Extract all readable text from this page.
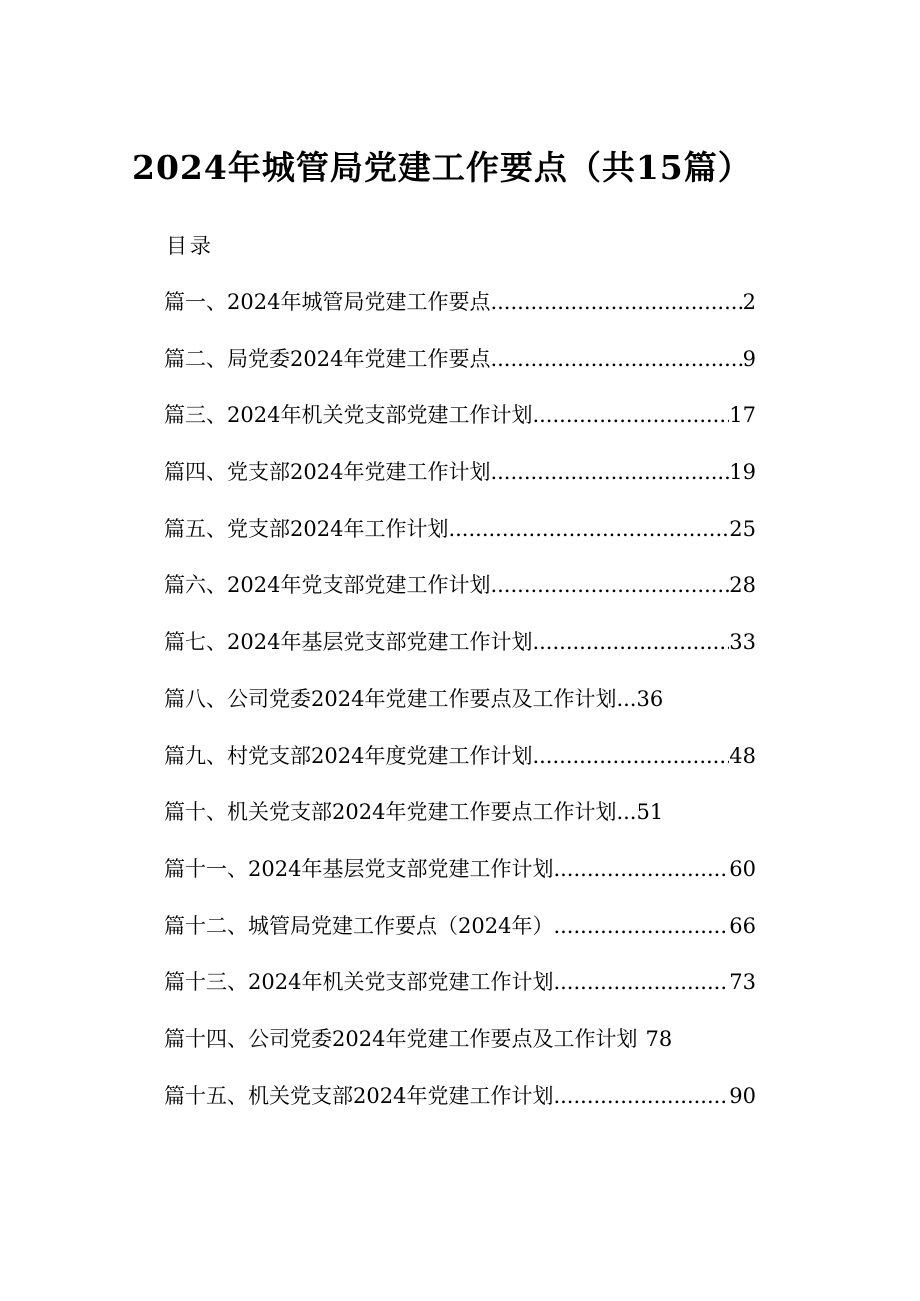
2024年城管局党建工作要点（共15篇）
目录
篇一、2024年城管局党建工作要点 .....	2
篇二、局党委2024年党建工作要点 .....	9
篇三、2024年机关党支部党建工作计划 .....	17
篇四、党支部2024年党建工作计划 .....	19
篇五、党支部2024年工作计划 .....	25
篇六、2024年党支部党建工作计划 .....	28
篇七、2024年基层党支部党建工作计划 .....	33
篇八、公司党委2024年党建工作要点及工作计划 ... 36
篇九、村党支部2024年度党建工作计划 .....	48
篇十、机关党支部2024年党建工作要点工作计划 ... 51
篇十一、2024年基层党支部党建工作计划 .....	60
篇十二、城管局党建工作要点（2024年） .....	66
篇十三、2024年机关党支部党建工作计划 .....	73
篇十四、公司党委2024年党建工作要点及工作计划 78
篇十五、机关党支部2024年党建工作计划 .....	90
